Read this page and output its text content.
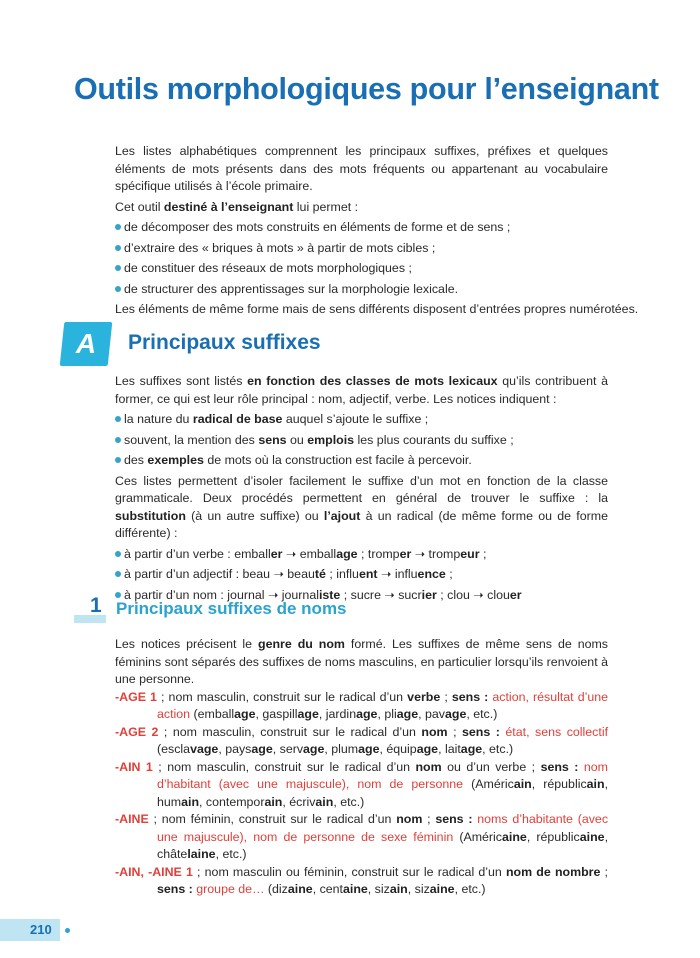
Outils morphologiques pour l’enseignant

Les listes alphabétiques comprennent les principaux suffixes, préfixes et quelques éléments de mots présents dans des mots fréquents ou appartenant au vocabulaire spécifique utilisés à l’école primaire.

Cet outil destiné à l’enseignant lui permet :

de décomposer des mots construits en éléments de forme et de sens ;

d’extraire des « briques à mots » à partir de mots cibles ;

de constituer des réseaux de mots morphologiques ;

de structurer des apprentissages sur la morphologie lexicale.

Les éléments de même forme mais de sens différents disposent d’entrées propres numérotées.

A	Principaux suffixes

Les suffixes sont listés en fonction des classes de mots lexicaux qu’ils contribuent à former, ce qui est leur rôle principal : nom, adjectif, verbe. Les notices indiquent :

la nature du radical de base auquel s’ajoute le suffixe ;

souvent, la mention des sens ou emplois les plus courants du suffixe ;

des exemples de mots où la construction est facile à percevoir.

Ces listes permettent d’isoler facilement le suffixe d’un mot en fonction de la classe grammaticale. Deux procédés permettent en général de trouver le suffixe : la substitution (à un autre suffixe) ou l’ajout à un radical (de même forme ou de forme différente) :

à partir d’un verbe : emballer ➝ emballage ; tromper ➝ trompeur ;

à partir d’un adjectif : beau ➝ beauté ; influent ➝ influence ;

à partir d’un nom : journal ➝ journaliste ; sucre ➝ sucrier ; clou ➝ clouer

1 Principaux suffixes de noms

Les notices précisent le genre du nom formé. Les suffixes de même sens de noms féminins sont séparés des suffixes de noms masculins, en particulier lorsqu’ils renvoient à une personne.

-AGE 1 ; nom masculin, construit sur le radical d’un verbe ; sens : action, résultat d’une action (emballage, gaspillage, jardinage, pliage, pavage, etc.)

-AGE 2 ; nom masculin, construit sur le radical d’un nom ; sens : état, sens collectif (esclavage, paysage, servage, plumage, équipage, laitage, etc.)

-AIN 1 ; nom masculin, construit sur le radical d’un nom ou d’un verbe ; sens : nom d’habitant (avec une majuscule), nom de personne (Américain, républicain, humain, contemporain, écrivain, etc.)

-AINE ; nom féminin, construit sur le radical d’un nom ; sens : noms d’habitante (avec une majuscule), nom de personne de sexe féminin (Américaine, républicaine, châtelaine, etc.)

-AIN, -AINE 1 ; nom masculin ou féminin, construit sur le radical d’un nom de nombre ; sens : groupe de… (dizaine, centaine, sizain, sizaine, etc.)

210
